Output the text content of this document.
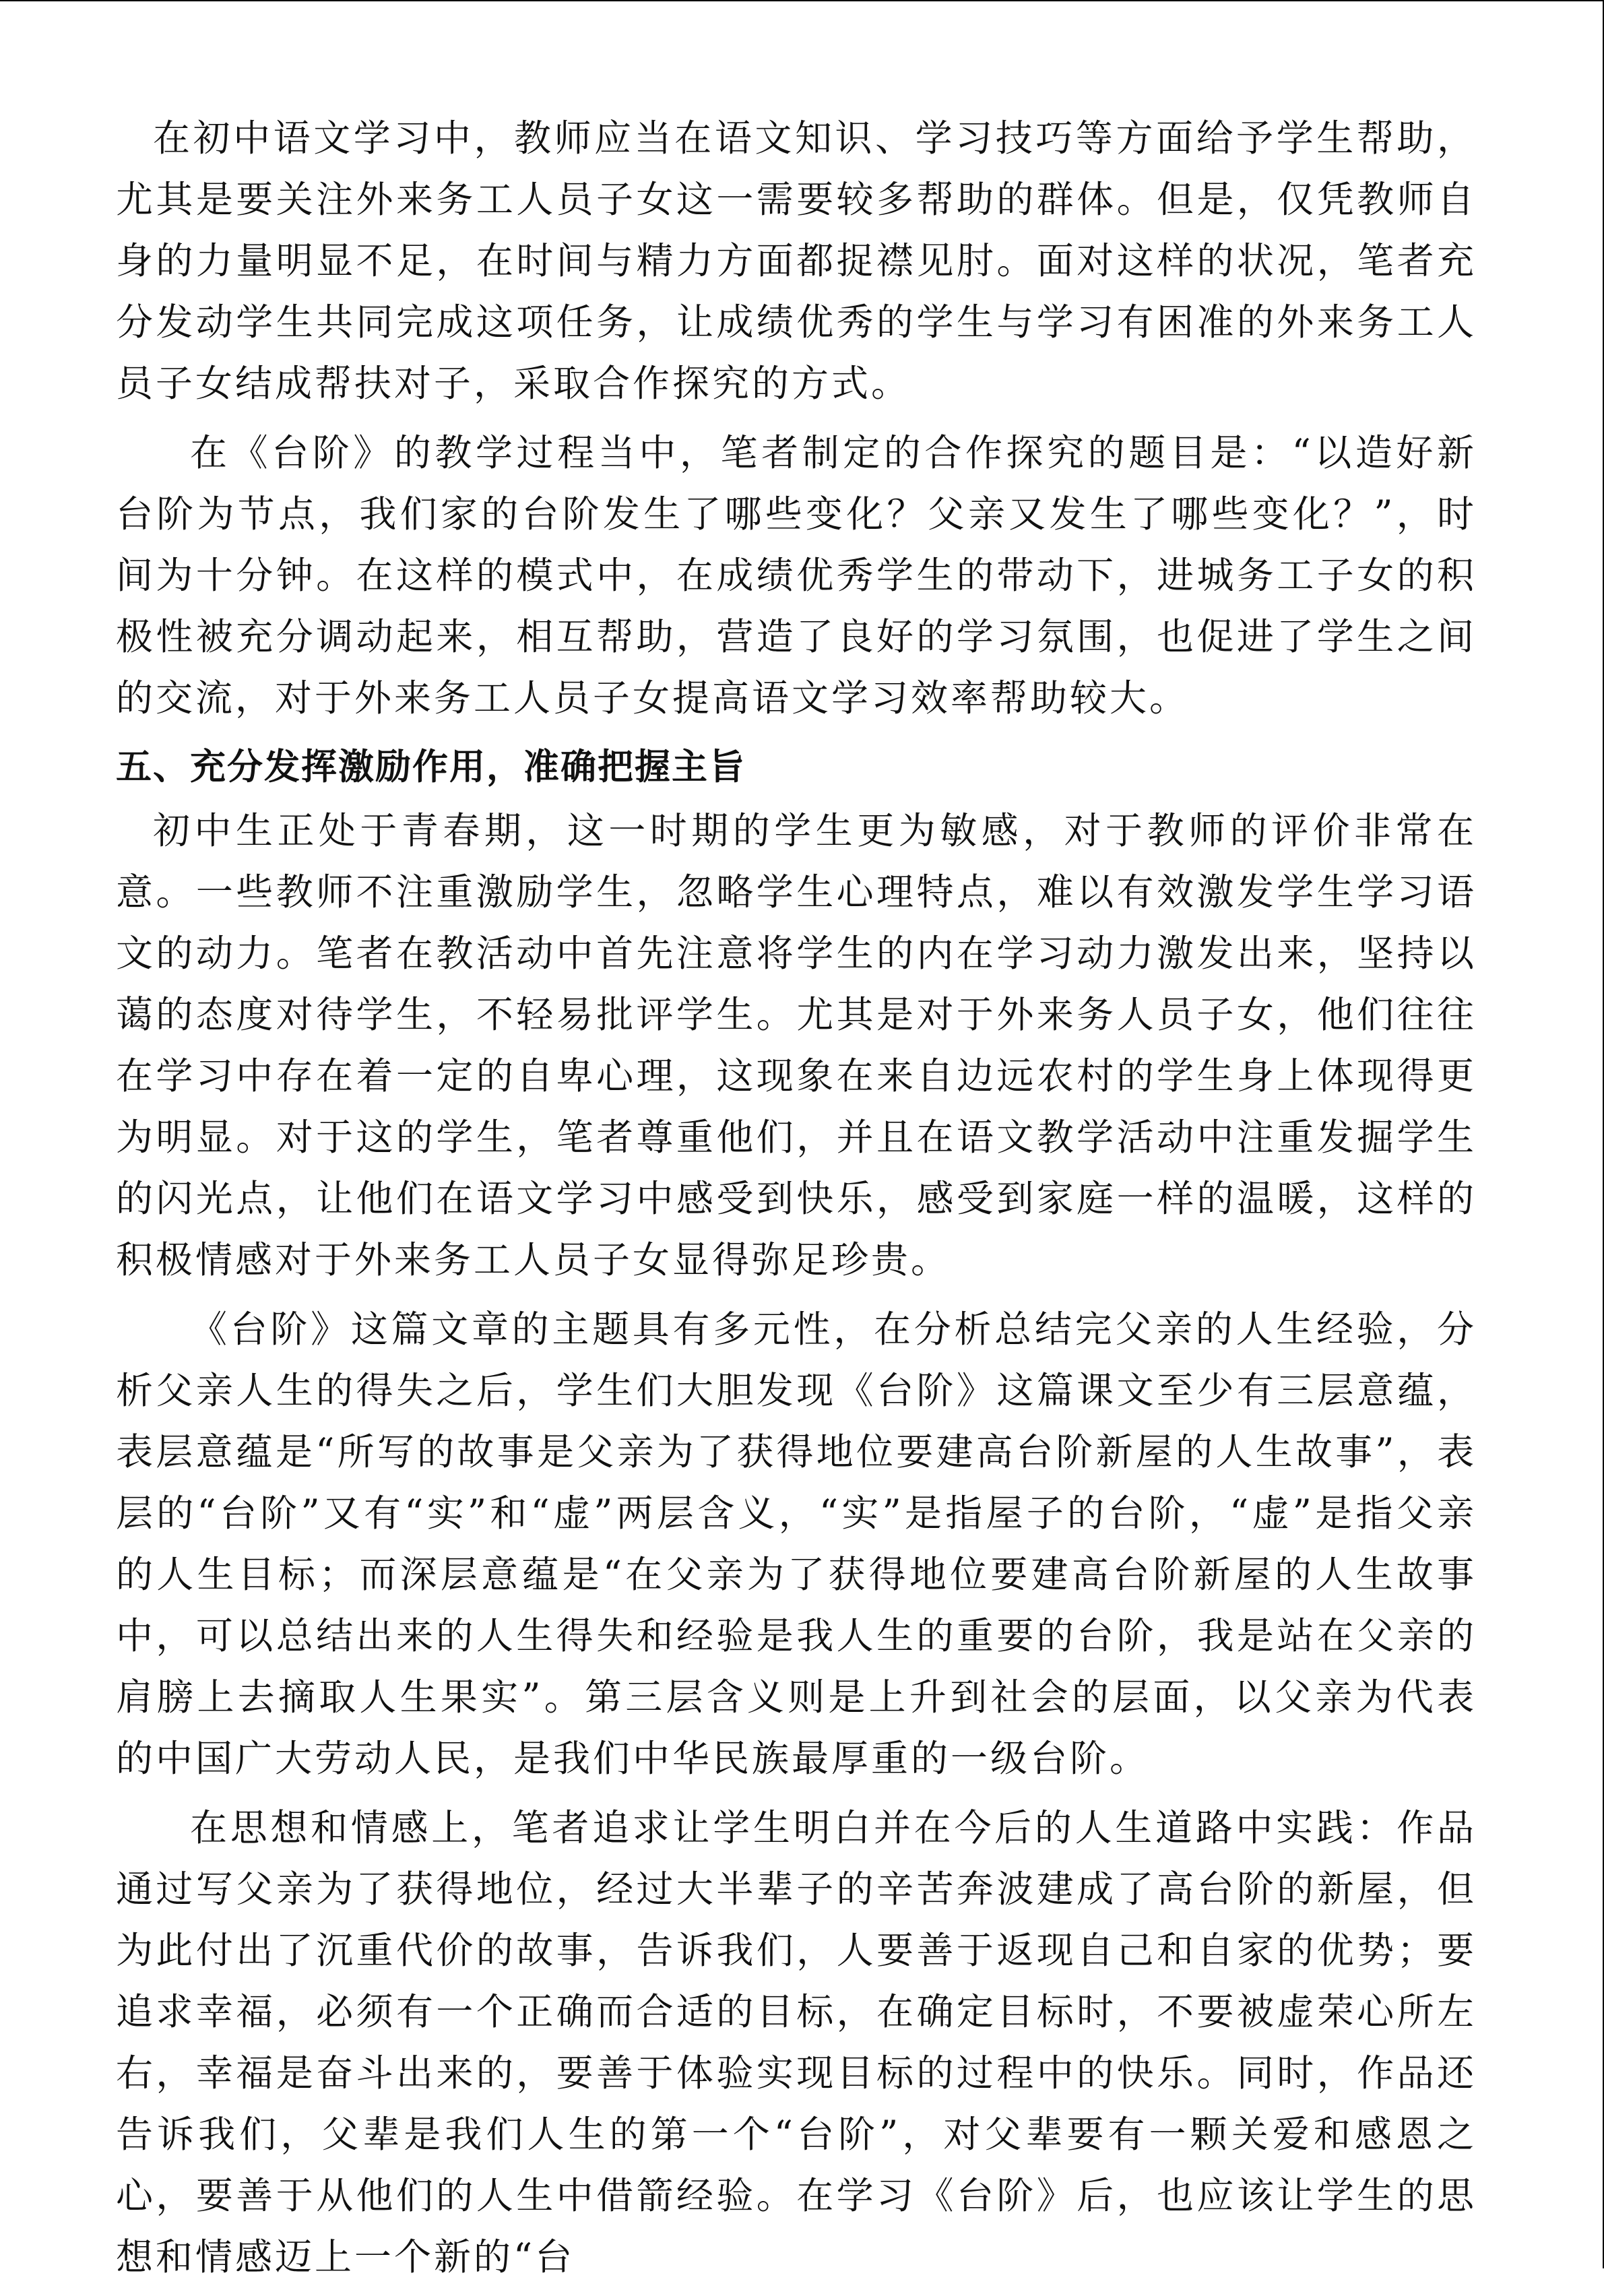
在初中语文学习中，教师应当在语文知识、学习技巧等方面给予学生帮助，尤其是要关注外来务工人员子女这一需要较多帮助的群体。但是，仅凭教师自身的力量明显不足，在时间与精力方面都捉襟见肘。面对这样的状况，笔者充分发动学生共同完成这项任务，让成绩优秀的学生与学习有困准的外来务工人员子女结成帮扶对子，采取合作探究的方式。

在《台阶》的教学过程当中，笔者制定的合作探究的题目是：“以造好新台阶为节点，我们家的台阶发生了哪些变化？父亲又发生了哪些变化？”，时间为十分钟。在这样的模式中，在成绩优秀学生的带动下，进城务工子女的积极性被充分调动起来，相互帮助，营造了良好的学习氛围，也促进了学生之间的交流，对于外来务工人员子女提高语文学习效率帮助较大。

五、充分发挥激励作用，准确把握主旨

初中生正处于青春期，这一时期的学生更为敏感，对于教师的评价非常在意。一些教师不注重激励学生，忽略学生心理特点，难以有效激发学生学习语文的动力。笔者在教活动中首先注意将学生的内在学习动力激发出来，坚持以蔼的态度对待学生，不轻易批评学生。尤其是对于外来务人员子女，他们往往在学习中存在着一定的自卑心理，这现象在来自边远农村的学生身上体现得更为明显。对于这的学生，笔者尊重他们，并且在语文教学活动中注重发掘学生的闪光点，让他们在语文学习中感受到快乐，感受到家庭一样的温暖，这样的积极情感对于外来务工人员子女显得弥足珍贵。

《台阶》这篇文章的主题具有多元性，在分析总结完父亲的人生经验，分析父亲人生的得失之后，学生们大胆发现《台阶》这篇课文至少有三层意蕴，表层意蕴是“所写的故事是父亲为了获得地位要建高台阶新屋的人生故事”，表层的“台阶”又有“实”和“虚”两层含义，“实”是指屋子的台阶，“虚”是指父亲的人生目标；而深层意蕴是“在父亲为了获得地位要建高台阶新屋的人生故事中，可以总结出来的人生得失和经验是我人生的重要的台阶，我是站在父亲的肩膀上去摘取人生果实”。第三层含义则是上升到社会的层面，以父亲为代表的中国广大劳动人民，是我们中华民族最厚重的一级台阶。

在思想和情感上，笔者追求让学生明白并在今后的人生道路中实践：作品通过写父亲为了获得地位，经过大半辈子的辛苦奔波建成了高台阶的新屋，但为此付出了沉重代价的故事，告诉我们，人要善于返现自己和自家的优势；要追求幸福，必须有一个正确而合适的目标，在确定目标时，不要被虚荣心所左右，幸福是奋斗出来的，要善于体验实现目标的过程中的快乐。同时，作品还告诉我们，父辈是我们人生的第一个“台阶”，对父辈要有一颗关爱和感恩之心，要善于从他们的人生中借箭经验。在学习《台阶》后，也应该让学生的思想和情感迈上一个新的“台
